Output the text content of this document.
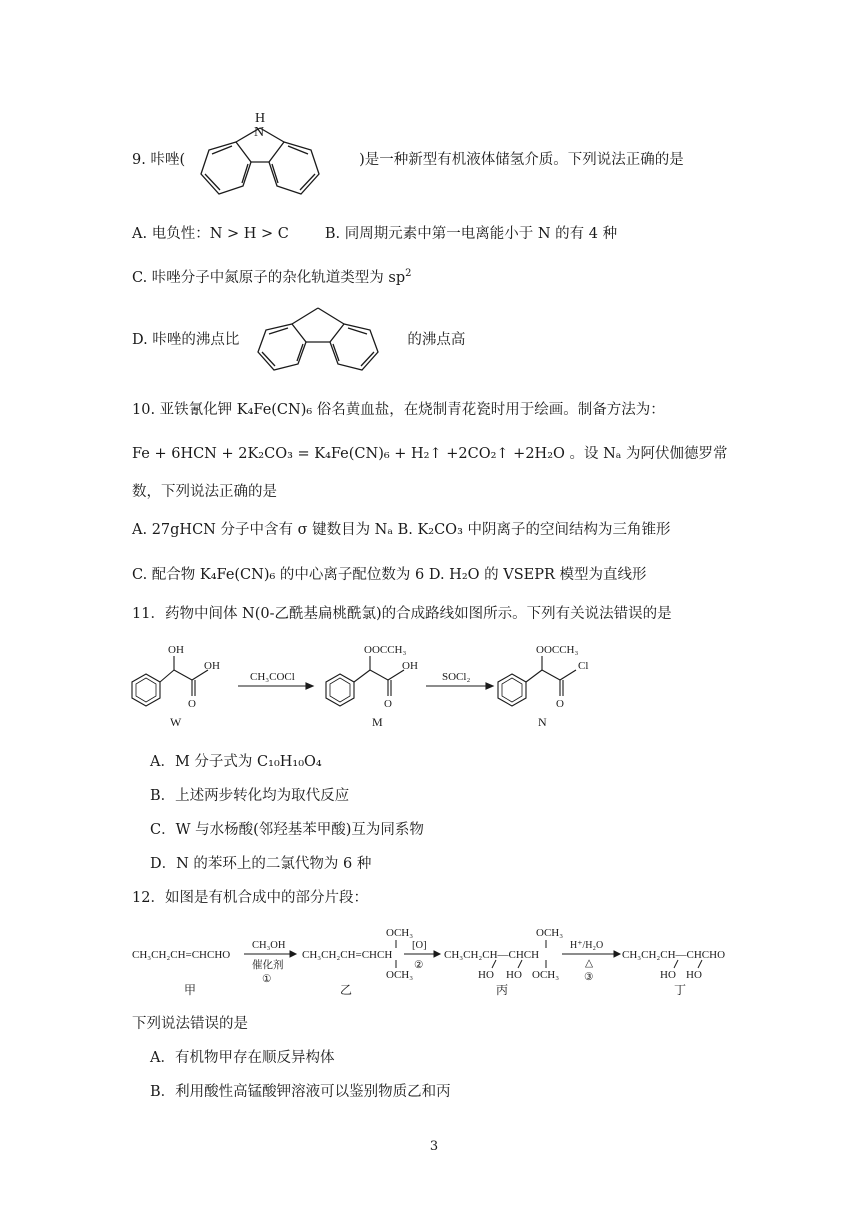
9. 咔唑(	)是一种新型有机液体储氢介质。下列说法正确的是
H
N
A. 电负性：N > H > C B. 同周期元素中第一电离能小于 N 的有 4 种
C. 咔唑分子中氮原子的杂化轨道类型为 $sp^2$
D. 咔唑的沸点比	的沸点高
10. 亚铁氰化钾 K₄Fe(CN)₆ 俗名黄血盐，在烧制青花瓷时用于绘画。制备方法为：
Fe + 6HCN + 2K₂CO₃ = K₄Fe(CN)₆ + H₂↑ +2CO₂↑ +2H₂O 。设 Nₐ 为阿伏伽德罗常
数，下列说法正确的是
A. 27gHCN 分子中含有 σ 键数目为 Nₐ B. K₂CO₃ 中阴离子的空间结构为三角锥形
C. 配合物 K₄Fe(CN)₆ 的中心离子配位数为 6 D. H₂O 的 VSEPR 模型为直线形
11．药物中间体 N(0-乙酰基扁桃酰氯)的合成路线如图所示。下列有关说法错误的是
OH
OH
O
CH₃COCl
OOCCH₃
OH
O
SOCl₂
OOCCH₃
Cl
O
W	M	N
A．M 分子式为 C₁₀H₁₀O₄
B．上述两步转化均为取代反应
C．W 与水杨酸(邻羟基苯甲酸)互为同系物
D．N 的苯环上的二氯代物为 6 种
12．如图是有机合成中的部分片段：
CH₃CH₂CH=CHCHO
CH₃OH
催化剂
①
CH₃CH₂CH=CHCH
OCH₃
OCH₃
[O]
②
CH₃CH₂CH—CHCH
OCH₃
OCH₃
HO HO
H⁺/H₂O
△
③
CH₃CH₂CH—CHCHO
HO HO
甲	乙	丙	丁
下列说法错误的是
A．有机物甲存在顺反异构体
B．利用酸性高锰酸钾溶液可以鉴别物质乙和丙
3
